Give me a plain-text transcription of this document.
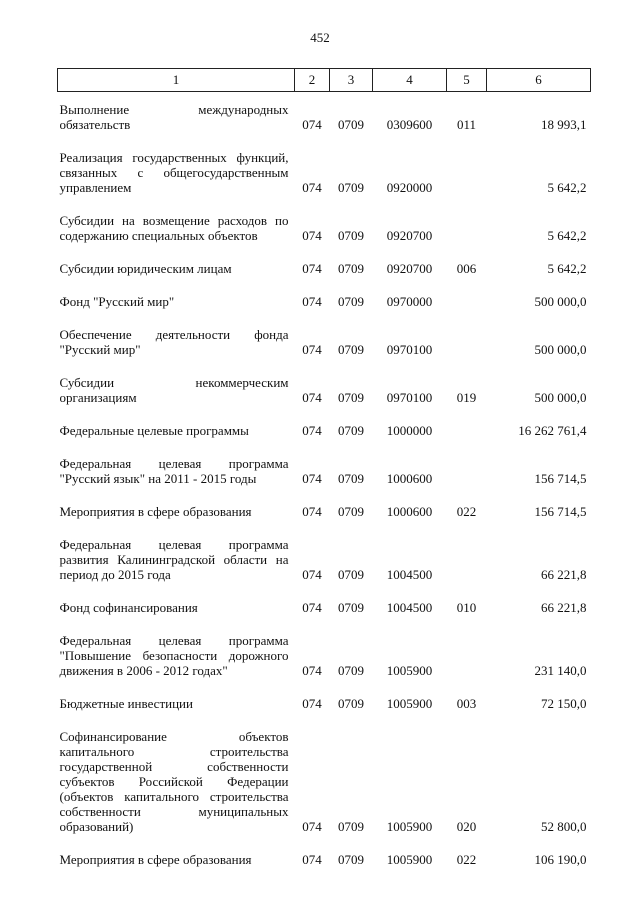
452
1	2	3	4	5	6

Выполнение международных обязательств	074	0709	0309600	011	18 993,1

Реализация государственных функций, связанных с общегосударственным управлением	074	0709	0920000		5 642,2

Субсидии на возмещение расходов по содержанию специальных объектов	074	0709	0920700		5 642,2

Субсидии юридическим лицам	074	0709	0920700	006	5 642,2

Фонд "Русский мир"	074	0709	0970000		500 000,0

Обеспечение деятельности фонда "Русский мир"	074	0709	0970100		500 000,0

Субсидии некоммерческим организациям	074	0709	0970100	019	500 000,0

Федеральные целевые программы	074	0709	1000000		16 262 761,4

Федеральная целевая программа "Русский язык" на 2011 - 2015 годы	074	0709	1000600		156 714,5

Мероприятия в сфере образования	074	0709	1000600	022	156 714,5

Федеральная целевая программа развития Калининградской области на период до 2015 года	074	0709	1004500		66 221,8

Фонд софинансирования	074	0709	1004500	010	66 221,8

Федеральная целевая программа "Повышение безопасности дорожного движения в 2006 - 2012 годах"	074	0709	1005900		231 140,0

Бюджетные инвестиции	074	0709	1005900	003	72 150,0

Софинансирование объектов капитального строительства государственной собственности субъектов Российской Федерации (объектов капитального строительства собственности муниципальных образований)	074	0709	1005900	020	52 800,0

Мероприятия в сфере образования	074	0709	1005900	022	106 190,0
